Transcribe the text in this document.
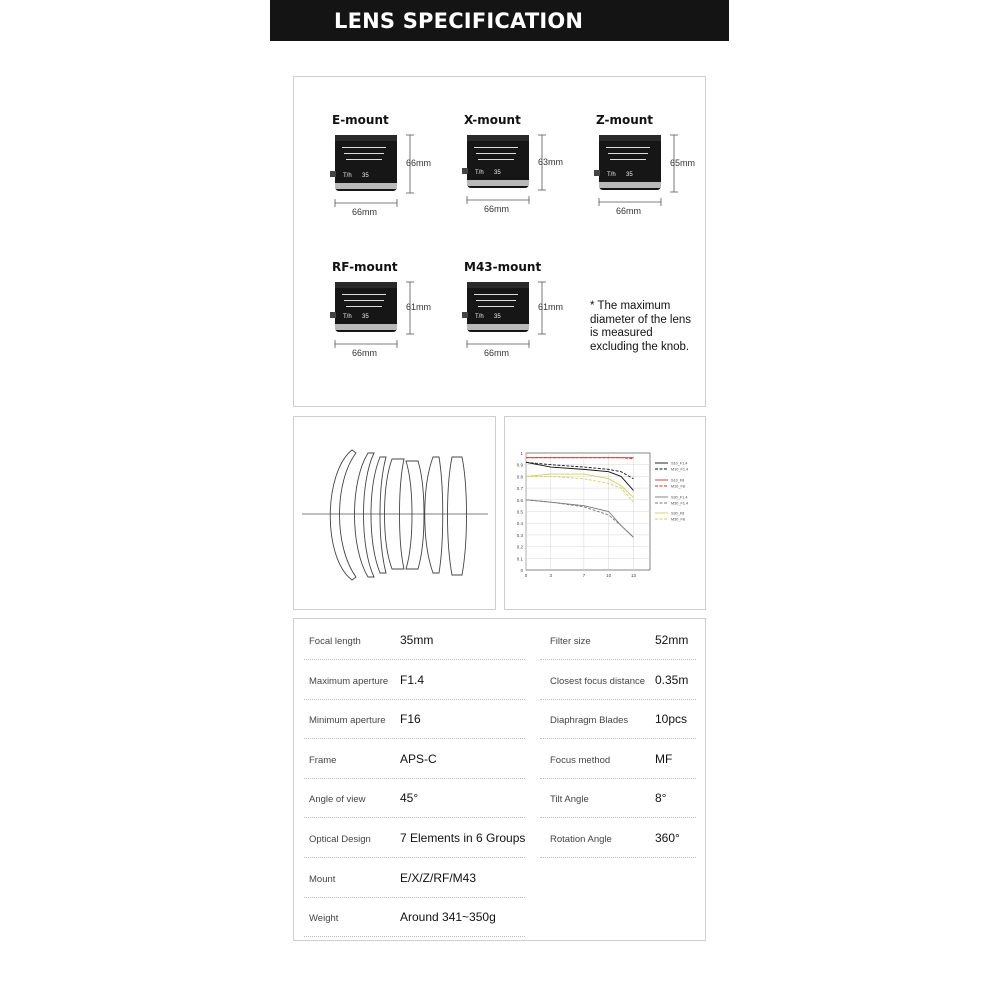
LENS SPECIFICATION
E-mount
T/h 35
66mm
66mm
X-mount
T/h 35
63mm
66mm
Z-mount
T/h 35
65mm
66mm
RF-mount
T/h 35
61mm
66mm
M43-mount
T/h 35
61mm
66mm
* The maximum
diameter of the lens
is measured
excluding the knob.
0
0.1
0.2
0.3
0.4
0.5
0.6
0.7
0.8
0.9
1
0	3	7	10	13
S10_F1.4
M10_F1.4
S10_F8
M10_F8
S30_F1.4
M30_F1.4
S30_F8
M30_F8
Focal length	35mm
Maximum aperture F1.4
Minimum aperture F16
Frame	APS-C
Angle of view	45°
Optical Design 7 Elements in 6 Groups
Mount	E/X/Z/RF/M43
Weight	Around 341~350g
Filter size	52mm
Closest focus distance 0.35m
Diaphragm Blades 10pcs
Focus method	MF
Tilt Angle	8°
Rotation Angle	360°
